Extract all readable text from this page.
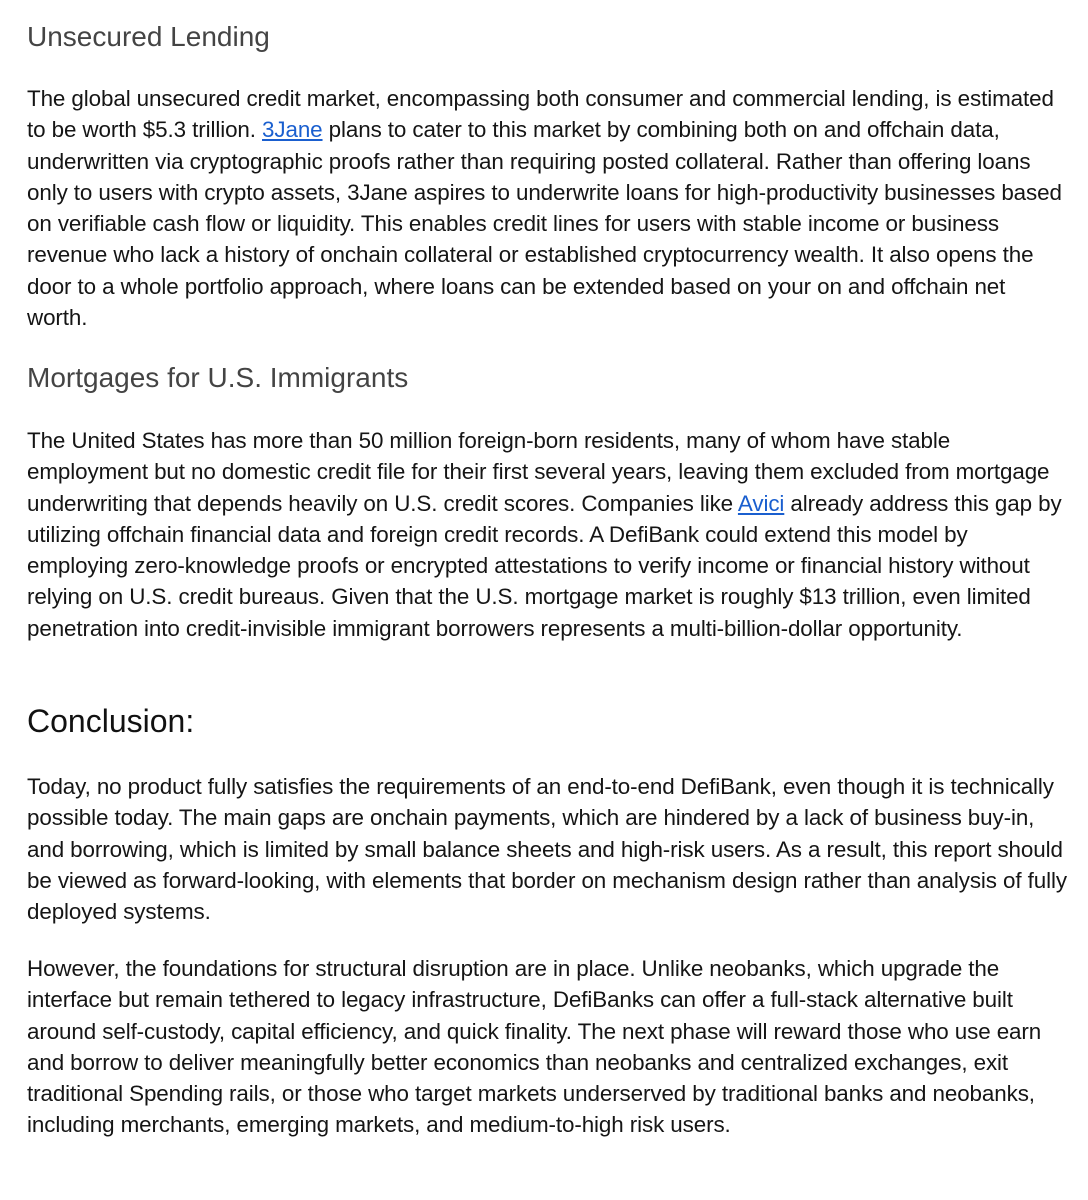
Unsecured Lending

The global unsecured credit market, encompassing both consumer and commercial lending, is estimated to be worth $5.3 trillion. 3Jane plans to cater to this market by combining both on and offchain data, underwritten via cryptographic proofs rather than requiring posted collateral. Rather than offering loans only to users with crypto assets, 3Jane aspires to underwrite loans for high-productivity businesses based on verifiable cash flow or liquidity. This enables credit lines for users with stable income or business revenue who lack a history of onchain collateral or established cryptocurrency wealth. It also opens the door to a whole portfolio approach, where loans can be extended based on your on and offchain net worth.

Mortgages for U.S. Immigrants

The United States has more than 50 million foreign-born residents, many of whom have stable employment but no domestic credit file for their first several years, leaving them excluded from mortgage underwriting that depends heavily on U.S. credit scores. Companies like Avici already address this gap by utilizing offchain financial data and foreign credit records. A DefiBank could extend this model by employing zero-knowledge proofs or encrypted attestations to verify income or financial history without relying on U.S. credit bureaus. Given that the U.S. mortgage market is roughly $13 trillion, even limited penetration into credit-invisible immigrant borrowers represents a multi-billion-dollar opportunity.

Conclusion:

Today, no product fully satisfies the requirements of an end-to-end DefiBank, even though it is technically possible today. The main gaps are onchain payments, which are hindered by a lack of business buy-in, and borrowing, which is limited by small balance sheets and high-risk users. As a result, this report should be viewed as forward-looking, with elements that border on mechanism design rather than analysis of fully deployed systems.

However, the foundations for structural disruption are in place. Unlike neobanks, which upgrade the interface but remain tethered to legacy infrastructure, DefiBanks can offer a full-stack alternative built around self-custody, capital efficiency, and quick finality. The next phase will reward those who use earn and borrow to deliver meaningfully better economics than neobanks and centralized exchanges, exit traditional Spending rails, or those who target markets underserved by traditional banks and neobanks, including merchants, emerging markets, and medium-to-high risk users.
